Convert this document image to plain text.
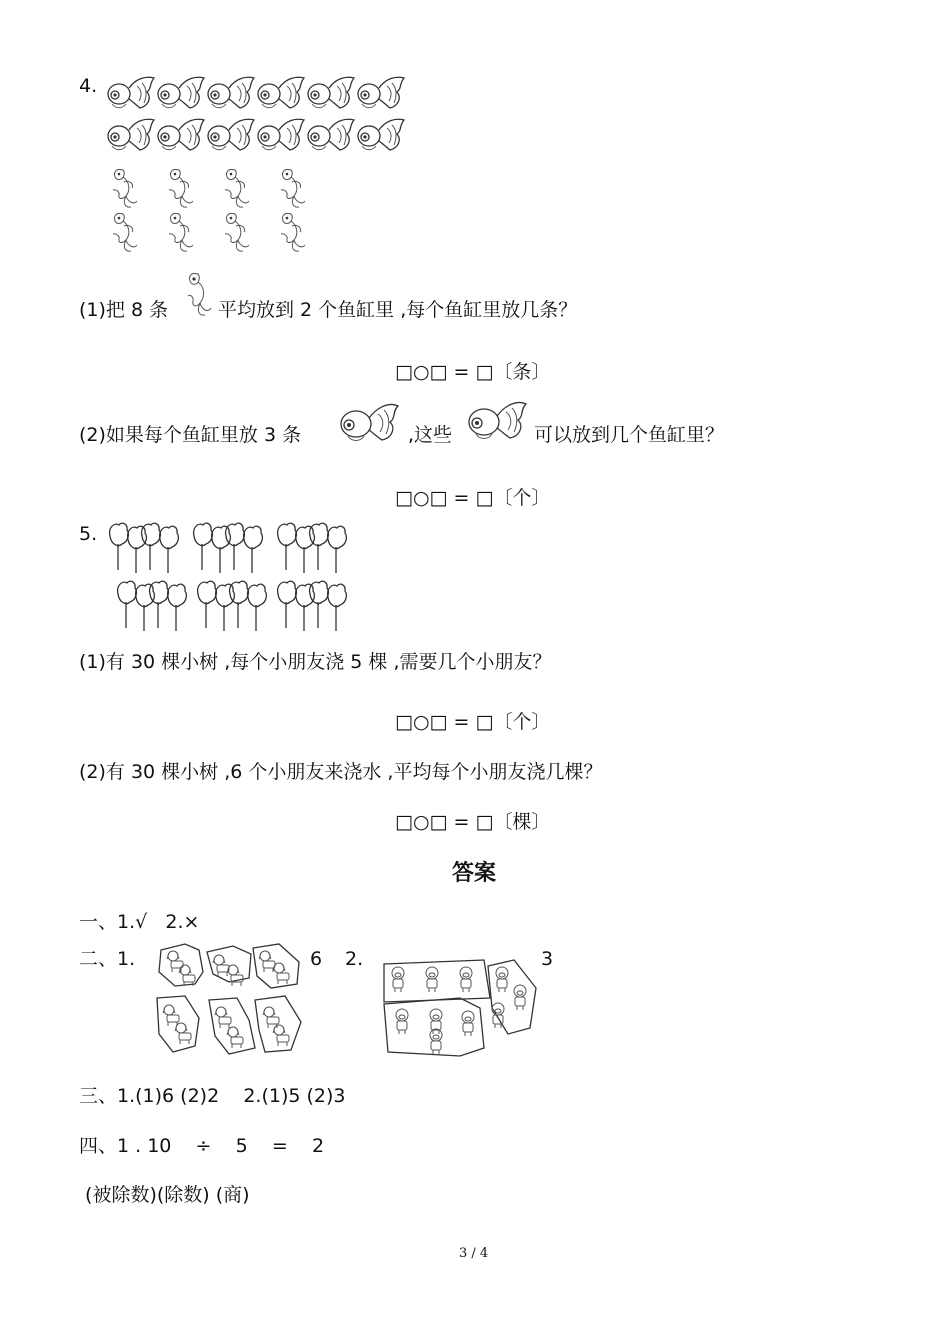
4.
(1)把 8 条	平均放到 2 个鱼缸里 ,每个鱼缸里放几条？
□○□ = □〔条〕
(2)如果每个鱼缸里放 3 条	,这些	可以放到几个鱼缸里？
□○□ = □〔个〕
5.
(1)有 30 棵小树 ,每个小朋友浇 5 棵 ,需要几个小朋友？
□○□ = □〔个〕
(2)有 30 棵小树 ,6 个小朋友来浇水 ,平均每个小朋友浇几棵？
□○□ = □〔棵〕
答案
一、1.√   2.×
二、1.	6 2.	3
三、1.(1)6 (2)2    2.(1)5 (2)3
四、1 . 10    ÷    5    =    2
(被除数)(除数) (商)
3 / 4
